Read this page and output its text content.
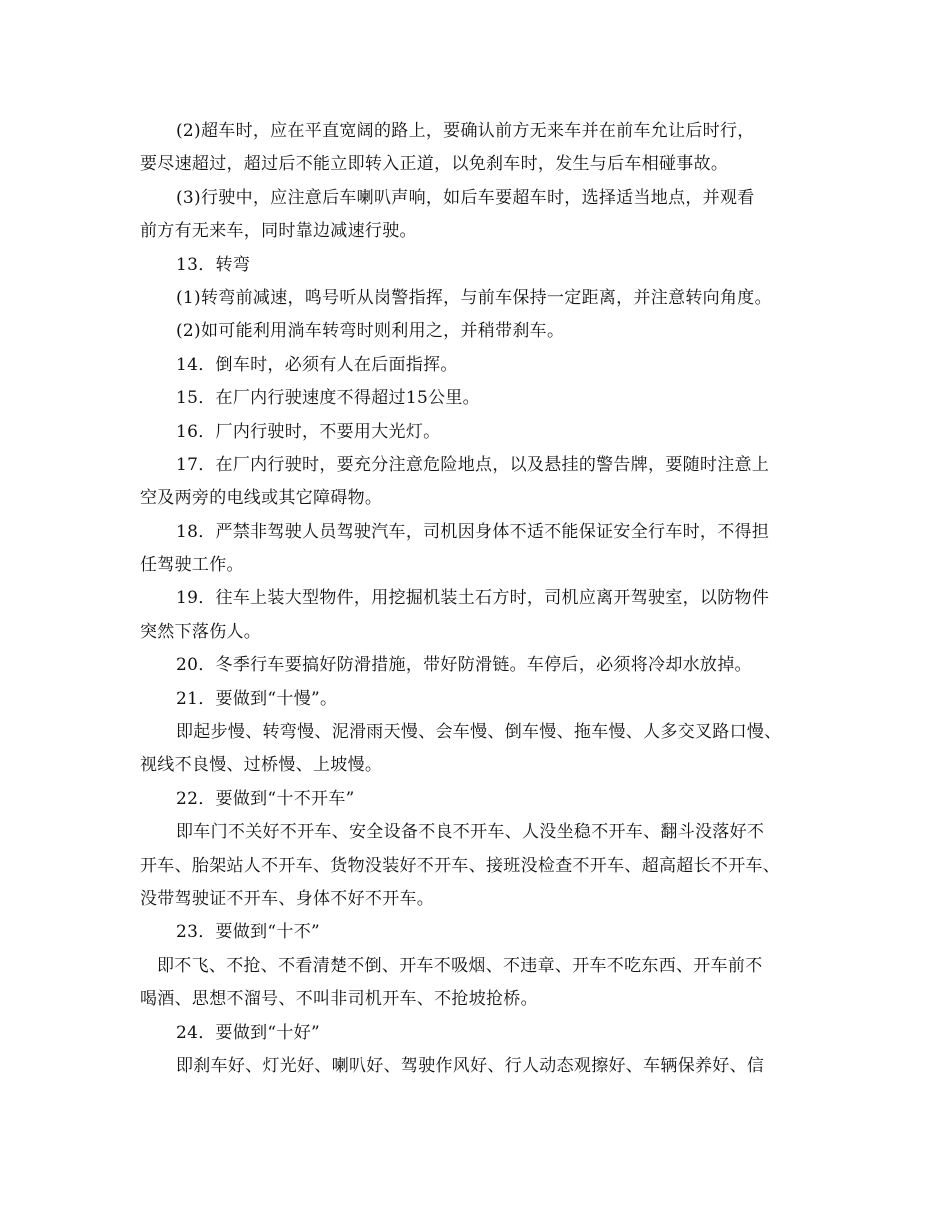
(2)超车时，应在平直宽阔的路上，要确认前方无来车并在前车允让后时行，
要尽速超过，超过后不能立即转入正道，以免刹车时，发生与后车相碰事故。
(3)行驶中，应注意后车喇叭声响，如后车要超车时，选择适当地点，并观看
前方有无来车，同时靠边减速行驶。
13．转弯
(1)转弯前减速，鸣号听从岗警指挥，与前车保持一定距离，并注意转向角度。
(2)如可能利用淌车转弯时则利用之，并稍带刹车。
14．倒车时，必须有人在后面指挥。
15．在厂内行驶速度不得超过15公里。
16．厂内行驶时，不要用大光灯。
17．在厂内行驶时，要充分注意危险地点，以及悬挂的警告牌，要随时注意上
空及两旁的电线或其它障碍物。
18．严禁非驾驶人员驾驶汽车，司机因身体不适不能保证安全行车时，不得担
任驾驶工作。
19．往车上装大型物件，用挖掘机装土石方时，司机应离开驾驶室，以防物件
突然下落伤人。
20．冬季行车要搞好防滑措施，带好防滑链。车停后，必须将冷却水放掉。
21．要做到“十慢”。
即起步慢、转弯慢、泥滑雨天慢、会车慢、倒车慢、拖车慢、人多交叉路口慢、
视线不良慢、过桥慢、上坡慢。
22．要做到“十不开车”
即车门不关好不开车、安全设备不良不开车、人没坐稳不开车、翻斗没落好不
开车、胎架站人不开车、货物没装好不开车、接班没检查不开车、超高超长不开车、
没带驾驶证不开车、身体不好不开车。
23．要做到“十不”
即不飞、不抢、不看清楚不倒、开车不吸烟、不违章、开车不吃东西、开车前不
喝酒、思想不溜号、不叫非司机开车、不抢坡抢桥。
24．要做到“十好”
即刹车好、灯光好、喇叭好、驾驶作风好、行人动态观擦好、车辆保养好、信
